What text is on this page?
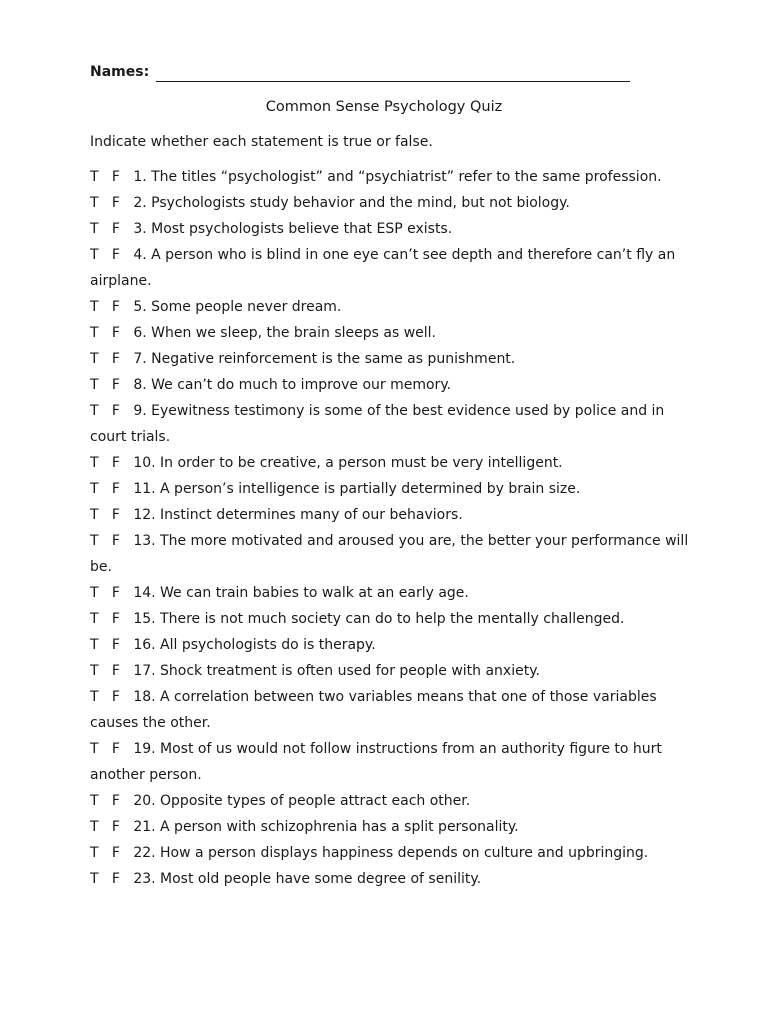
Names:
Common Sense Psychology Quiz
Indicate whether each statement is true or false.

T   F   1. The titles “psychologist” and “psychiatrist” refer to the same profession.

T   F   2. Psychologists study behavior and the mind, but not biology.

T   F   3. Most psychologists believe that ESP exists.

T   F   4. A person who is blind in one eye can’t see depth and therefore can’t fly an airplane.

T   F   5. Some people never dream.

T   F   6. When we sleep, the brain sleeps as well.

T   F   7. Negative reinforcement is the same as punishment.

T   F   8. We can’t do much to improve our memory.

T   F   9. Eyewitness testimony is some of the best evidence used by police and in court trials.

T   F   10. In order to be creative, a person must be very intelligent.

T   F   11. A person’s intelligence is partially determined by brain size.

T   F   12. Instinct determines many of our behaviors.

T   F   13. The more motivated and aroused you are, the better your performance will be.

T   F   14. We can train babies to walk at an early age.

T   F   15. There is not much society can do to help the mentally challenged.

T   F   16. All psychologists do is therapy.

T   F   17. Shock treatment is often used for people with anxiety.

T   F   18. A correlation between two variables means that one of those variables causes the other.

T   F   19. Most of us would not follow instructions from an authority figure to hurt another person.

T   F   20. Opposite types of people attract each other.

T   F   21. A person with schizophrenia has a split personality.

T   F   22. How a person displays happiness depends on culture and upbringing.

T   F   23. Most old people have some degree of senility.
